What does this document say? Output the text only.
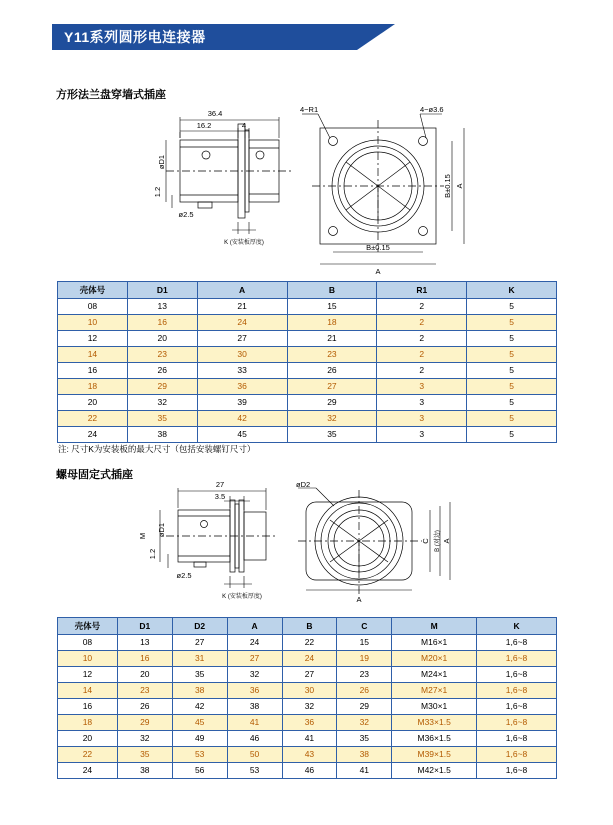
Y11系列圆形电连接器
方形法兰盘穿墙式插座
36.4
16.2	4
1.2
øD1
ø2.5
K (安装板厚度)
4−R1	4−ø3.6
B±0.15 A
B±0.15
A
壳体号	D1	A	B	R1	K
08	13	21	15	2	5
10	16	24	18	2	5
12	20	27	21	2	5
14	23	30	23	2	5
16	26	33	26	2	5
18	29	36	27	3	5
20	32	39	29	3	5
22	35	42	32	3	5
24	38	45	35	3	5
注: 尺寸K为安装板的最大尺寸（包括安装螺钉尺寸）
螺母固定式插座
27
3.5
1.2
øD1
M
ø2.5
K (安装板厚度)
øD2
C B (对边) A
A
壳体号	D1	D2	A	B	C	M	K
08	13	27	24	22	15	M16×1	1,6~8
10	16	31	27	24	19	M20×1	1,6~8
12	20	35	32	27	23	M24×1	1,6~8
14	23	38	36	30	26	M27×1	1,6~8
16	26	42	38	32	29	M30×1	1,6~8
18	29	45	41	36	32	M33×1.5	1,6~8
20	32	49	46	41	35	M36×1.5	1,6~8
22	35	53	50	43	38	M39×1.5	1,6~8
24	38	56	53	46	41	M42×1.5	1,6~8
